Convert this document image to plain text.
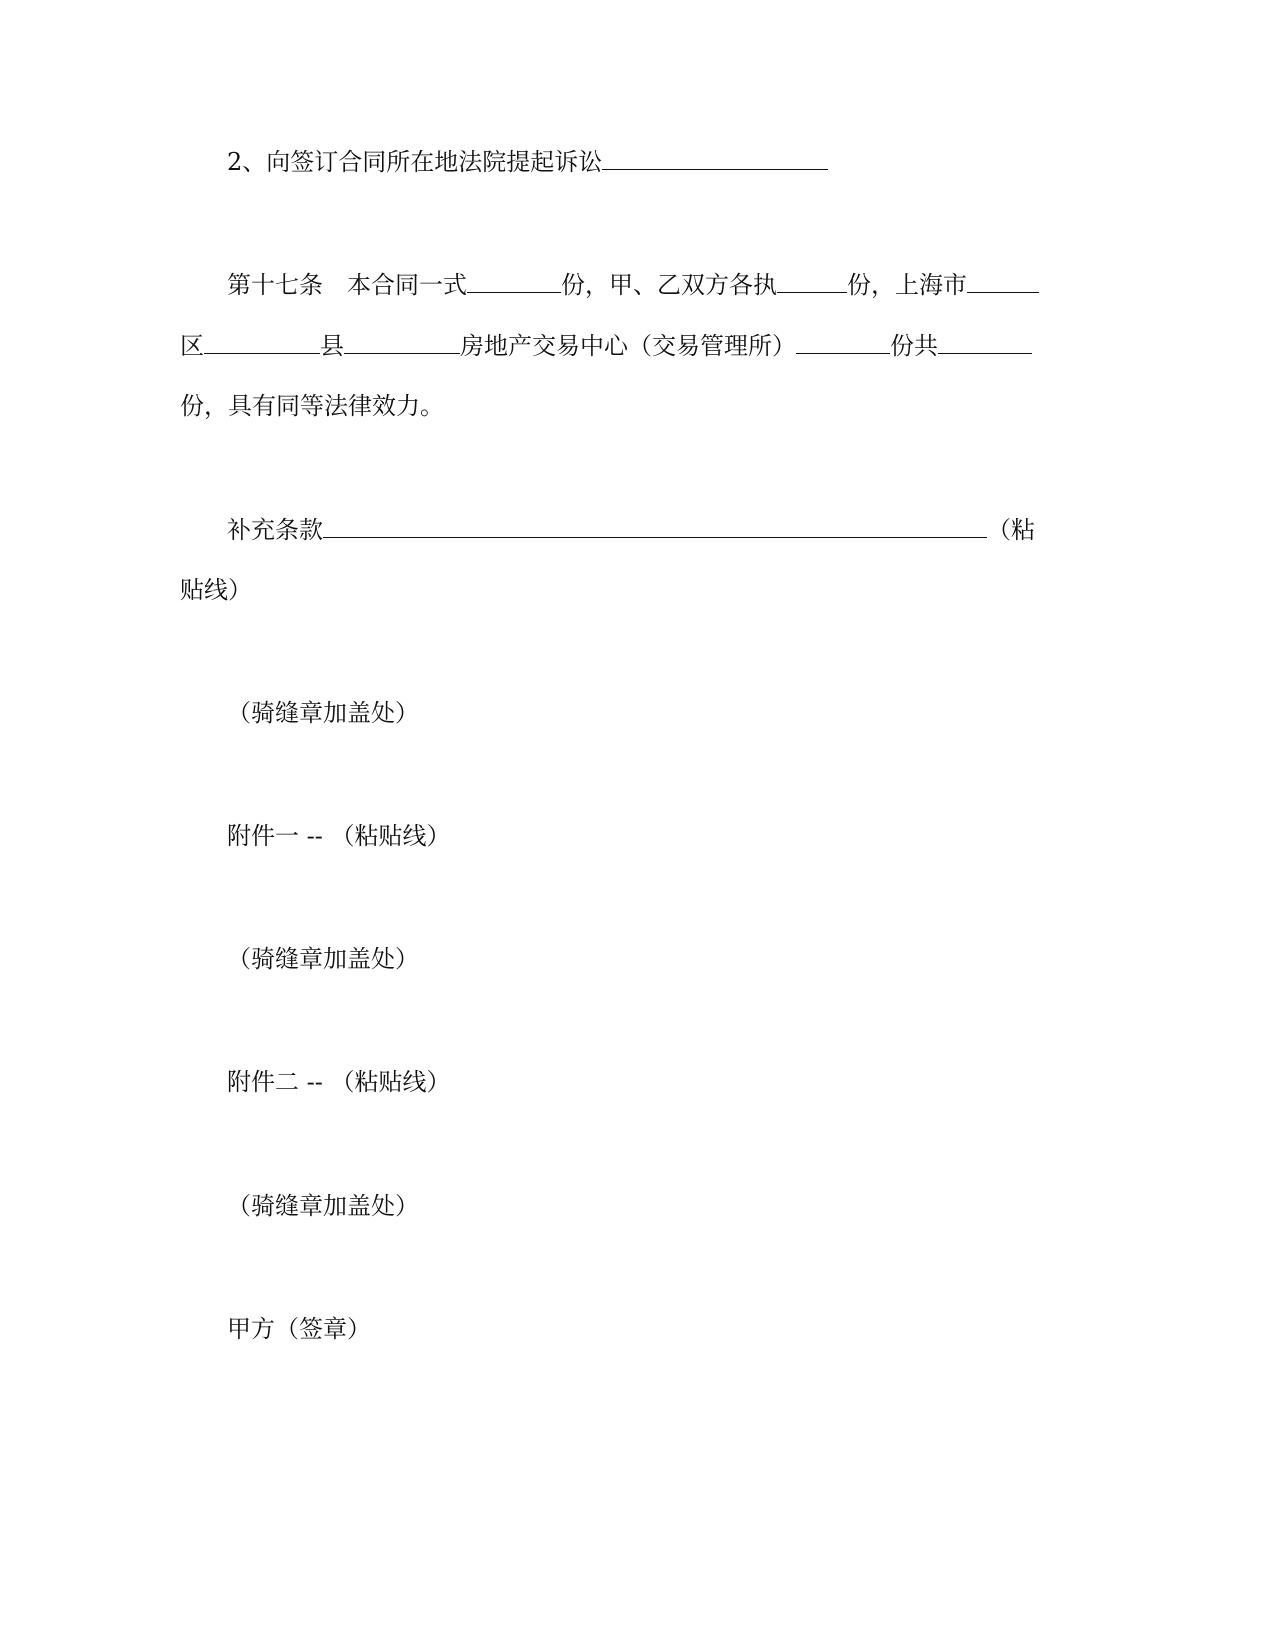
2、向签订合同所在地法院提起诉讼
第十七条　本合同一式	份，甲、乙双方各执	份，上海市
区	县	房地产交易中心（交易管理所）	份共
份，具有同等法律效力。
补充条款	（粘
贴线）
（骑缝章加盖处）
附件一 -- （粘贴线）
（骑缝章加盖处）
附件二 -- （粘贴线）
（骑缝章加盖处）
甲方（签章）
